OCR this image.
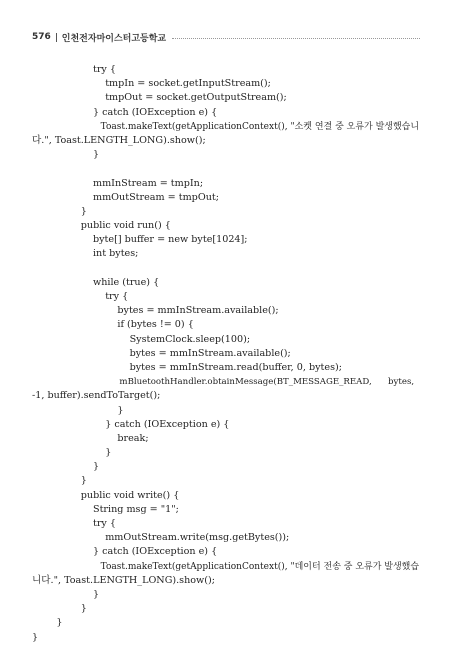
576 인천전자마이스터고등학교
try {
tmpIn = socket.getInputStream();
tmpOut = socket.getOutputStream();
} catch (IOException e) {
Toast.makeText(getApplicationContext(), "소켓 연결 중 오류가 발생했습니
다.", Toast.LENGTH_LONG).show();
}
mmInStream = tmpIn;
mmOutStream = tmpOut;
}
public void run() {
byte[] buffer = new byte[1024];
int bytes;
while (true) {
try {
bytes = mmInStream.available();
if (bytes != 0) {
SystemClock.sleep(100);
bytes = mmInStream.available();
bytes = mmInStream.read(buffer, 0, bytes);
mBluetoothHandler.obtainMessage(BT_MESSAGE_READ,      bytes,
-1, buffer).sendToTarget();
}
} catch (IOException e) {
break;
}
}
}
public void write() {
String msg = "1";
try {
mmOutStream.write(msg.getBytes());
} catch (IOException e) {
Toast.makeText(getApplicationContext(), "데이터 전송 중 오류가 발생했습
니다.", Toast.LENGTH_LONG).show();
}
}
}
}
